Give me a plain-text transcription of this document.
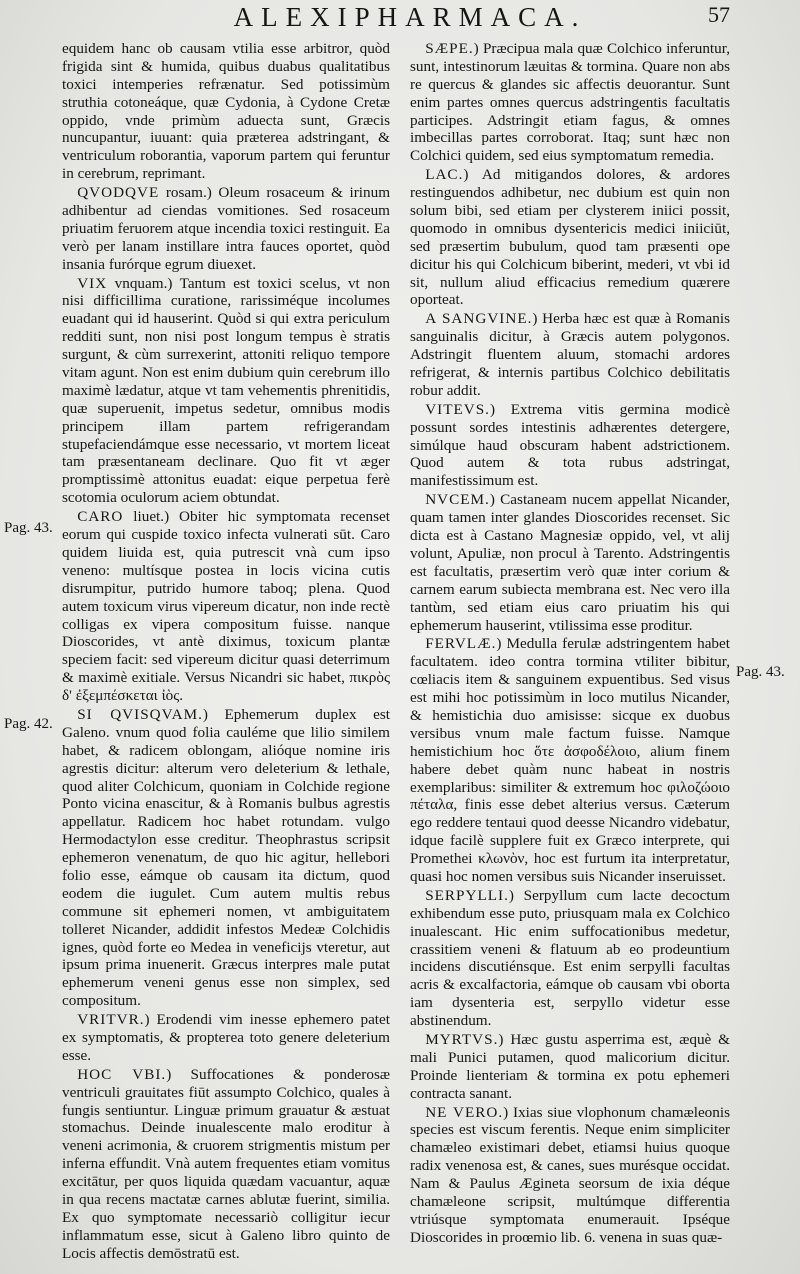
ALEXIPHARMACA.	57
Pag. 43.
Pag. 42.
Pag. 43.

equidem hanc ob causam vtilia esse arbitror, quòd frigida sint & humida, quibus duabus qualitatibus toxici intemperies refrænatur. Sed potissimùm struthia cotoneáque, quæ Cydonia, à Cydone Cretæ oppido, vnde primùm aduecta sunt, Græcis nuncupantur, iuuant: quia præterea adstringant, & ventriculum roborantia, vaporum partem qui feruntur in cerebrum, reprimant.

 QVODQVE rosam.) Oleum rosaceum & irinum adhibentur ad ciendas vomitiones. Sed rosaceum priuatim feruorem atque incendia toxici restinguit. Ea verò per lanam instillare intra fauces oportet, quòd insania furórque egrum diuexet.

 VIX vnquam.) Tantum est toxici scelus, vt non nisi difficillima curatione, rarissiméque incolumes euadant qui id hauserint. Quòd si qui extra periculum redditi sunt, non nisi post longum tempus è stratis surgunt, & cùm surrexerint, attoniti reliquo tempore vitam agunt. Non est enim dubium quin cerebrum illo maximè lædatur, atque vt tam vehementis phrenitidis, quæ superuenit, impetus sedetur, omnibus modis principem illam partem refrigerandam stupefaciendámque esse necessario, vt mortem liceat tam præsentaneam declinare. Quo fit vt æger promptissimè attonitus euadat: eique perpetua ferè scotomia oculorum aciem obtundat.

 CARO liuet.) Obiter hic symptomata recenset eorum qui cuspide toxico infecta vulnerati sūt. Caro quidem liuida est, quia putrescit vnà cum ipso veneno: multísque postea in locis vicina cutis disrumpitur, putrido humore taboq; plena. Quod autem toxicum virus vipereum dicatur, non inde rectè colligas ex vipera compositum fuisse. nanque Dioscorides, vt antè diximus, toxicum plantæ speciem facit: sed vipereum dicitur quasi deterrimum & maximè exitiale. Versus Nicandri sic habet, πικρὸς δ' ἐξεμπέσκεται ἰὸς.

 SI QVISQVAM.) Ephemerum duplex est Galeno. vnum quod folia cauléme que lilio similem habet, & radicem oblongam, alióque nomine iris agrestis dicitur: alterum vero deleterium & lethale, quod aliter Colchicum, quoniam in Colchide regione Ponto vicina enascitur, & à Romanis bulbus agrestis appellatur. Radicem hoc habet rotundam. vulgo Hermodactylon esse creditur. Theophrastus scripsit ephemeron venenatum, de quo hic agitur, hellebori folio esse, eámque ob causam ita dictum, quod eodem die iugulet. Cum autem multis rebus commune sit ephemeri nomen, vt ambiguitatem tolleret Nicander, addidit infestos Medeæ Colchidis ignes, quòd forte eo Medea in veneficijs vteretur, aut ipsum prima inuenerit. Græcus interpres male putat ephemerum veneni genus esse non simplex, sed compositum.

 VRITVR.) Erodendi vim inesse ephemero patet ex symptomatis, & propterea toto genere deleterium esse.

 HOC VBI.) Suffocationes & ponderosæ ventriculi grauitates fiūt assumpto Colchico, quales à fungis sentiuntur. Linguæ primum grauatur & æstuat stomachus. Deinde inualescente malo eroditur à veneni acrimonia, & cruorem strigmentis mistum per inferna effundit. Vnà autem frequentes etiam vomitus excitātur, per quos liquida quædam vacuantur, aquæ in qua recens mactatæ carnes ablutæ fuerint, similia. Ex quo symptomate necessariò colligitur iecur inflammatum esse, sicut à Galeno libro quinto de Locis affectis demōstratū est.

 SÆPE.) Præcipua mala quæ Colchico inferuntur, sunt, intestinorum læuitas & tormina. Quare non abs re quercus & glandes sic affectis deuorantur. Sunt enim partes omnes quercus adstringentis facultatis participes. Adstringit etiam fagus, & omnes imbecillas partes corroborat. Itaq; sunt hæc non Colchici quidem, sed eius symptomatum remedia.

 LAC.) Ad mitigandos dolores, & ardores restinguendos adhibetur, nec dubium est quin non solum bibi, sed etiam per clysterem iniici possit, quomodo in omnibus dysentericis medici iniiciūt, sed præsertim bubulum, quod tam præsenti ope dicitur his qui Colchicum biberint, mederi, vt vbi id sit, nullum aliud efficacius remedium quærere oporteat.

 A SANGVINE.) Herba hæc est quæ à Romanis sanguinalis dicitur, à Græcis autem polygonos. Adstringit fluentem aluum, stomachi ardores refrigerat, & internis partibus Colchico debilitatis robur addit.

 VITEVS.) Extrema vitis germina modicè possunt sordes intestinis adhærentes detergere, simúlque haud obscuram habent adstrictionem. Quod autem & tota rubus adstringat, manifestissimum est.

 NVCEM.) Castaneam nucem appellat Nicander, quam tamen inter glandes Dioscorides recenset. Sic dicta est à Castano Magnesiæ oppido, vel, vt alij volunt, Apuliæ, non procul à Tarento. Adstringentis est facultatis, præsertim verò quæ inter corium & carnem earum subiecta membrana est. Nec vero illa tantùm, sed etiam eius caro priuatim his qui ephemerum hauserint, vtilissima esse proditur.

 FERVLÆ.) Medulla ferulæ adstringentem habet facultatem. ideo contra tormina vtiliter bibitur, cœliacis item & sanguinem expuentibus. Sed visus est mihi hoc potissimùm in loco mutilus Nicander, & hemistichia duo amisisse: sicque ex duobus versibus vnum male factum fuisse. Namque hemistichium hoc ὅτε ἀσφοδέλοιο, alium finem habere debet quàm nunc habeat in nostris exemplaribus: similiter & extremum hoc φιλοζώοιο πέταλα, finis esse debet alterius versus. Cæterum ego reddere tentaui quod deesse Nicandro videbatur, idque facilè supplere fuit ex Græco interprete, qui Promethei κλωνὸν, hoc est furtum ita interpretatur, quasi hoc nomen versibus suis Nicander inseruisset.

 SERPYLLI.) Serpyllum cum lacte decoctum exhibendum esse puto, priusquam mala ex Colchico inualescant. Hic enim suffocationibus medetur, crassitiem veneni & flatuum ab eo prodeuntium incidens discutiénsque. Est enim serpylli facultas acris & excalfactoria, eámque ob causam vbi oborta iam dysenteria est, serpyllo videtur esse abstinendum.

 MYRTVS.) Hæc gustu asperrima est, æquè & mali Punici putamen, quod malicorium dicitur. Proinde lienteriam & tormina ex potu ephemeri contracta sanant.

 NE VERO.) Ixias siue vlophonum chamæleonis species est viscum ferentis. Neque enim simpliciter chamæleo existimari debet, etiamsi huius quoque radix venenosa est, & canes, sues murésque occidat. Nam & Paulus Ægineta seorsum de ixia déque chamæleone scripsit, multúmque differentia vtriúsque symptomata enumerauit. Ipséque Dioscorides in proœmio lib. 6. venena in suas quæ-
